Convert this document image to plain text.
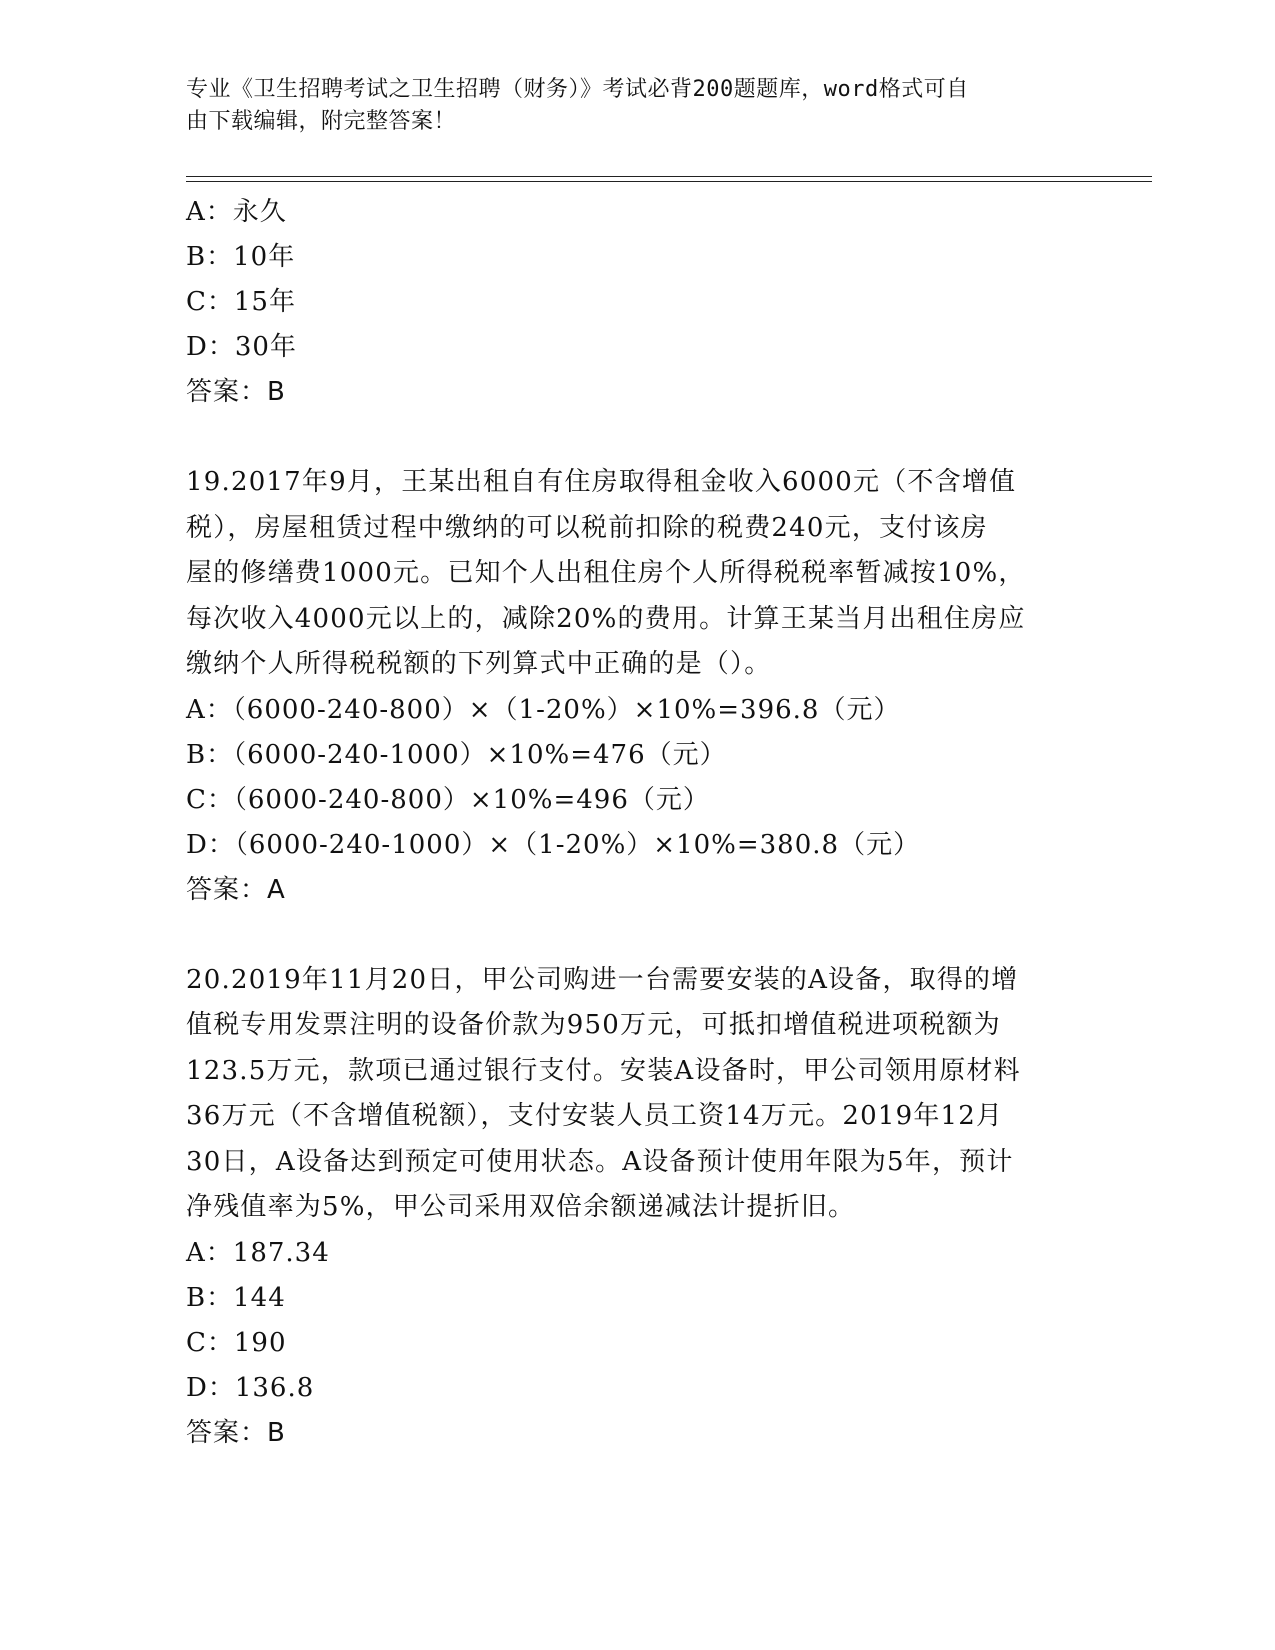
专业《卫生招聘考试之卫生招聘（财务）》考试必背200题题库，word格式可自
由下载编辑，附完整答案！
A：永久
B：10年
C：15年
D：30年
答案：B
19.2017年9月，王某出租自有住房取得租金收入6000元（不含增值
税），房屋租赁过程中缴纳的可以税前扣除的税费240元，支付该房
屋的修缮费1000元。已知个人出租住房个人所得税税率暂减按10%，
每次收入4000元以上的，减除20%的费用。计算王某当月出租住房应
缴纳个人所得税税额的下列算式中正确的是（）。
A：（6000-240-800）×（1-20%）×10%=396.8（元）
B：（6000-240-1000）×10%=476（元）
C：（6000-240-800）×10%=496（元）
D：（6000-240-1000）×（1-20%）×10%=380.8（元）
答案：A
20.2019年11月20日，甲公司购进一台需要安装的A设备，取得的增
值税专用发票注明的设备价款为950万元，可抵扣增值税进项税额为
123.5万元，款项已通过银行支付。安装A设备时，甲公司领用原材料
36万元（不含增值税额），支付安装人员工资14万元。2019年12月
30日，A设备达到预定可使用状态。A设备预计使用年限为5年，预计
净残值率为5%，甲公司采用双倍余额递减法计提折旧。
A：187.34
B：144
C：190
D：136.8
答案：B
